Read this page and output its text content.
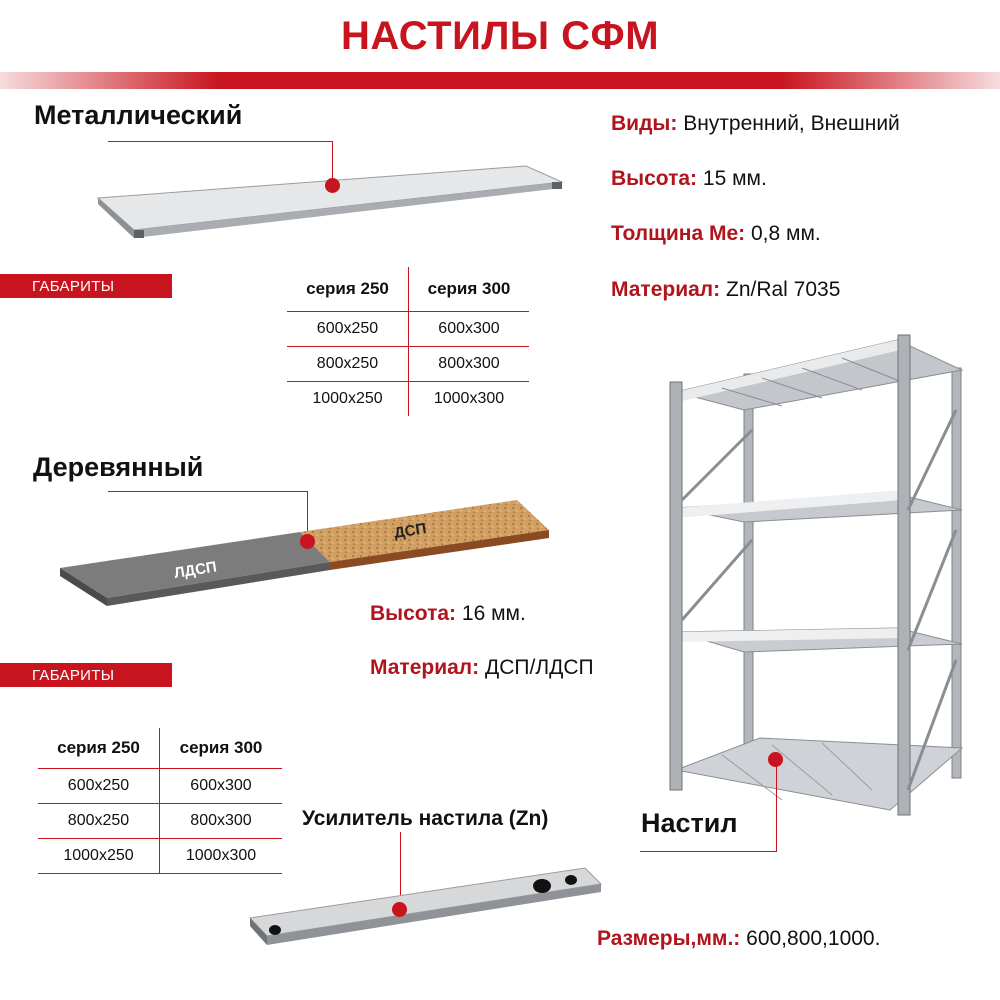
НАСТИЛЫ СФМ
Металлический
ГАБАРИТЫ	серия 250	серия 300
600x250	600x300
800x250	800x300
1000x250	1000x300
Виды: Внутренний, Внешний
Высота: 15 мм.
Толщина Ме: 0,8 мм.
Материал: Zn/Ral 7035
Деревянный
ЛДСП
ДСП
Высота: 16 мм.
Материал: ДСП/ЛДСП
ГАБАРИТЫ
серия 250	серия 300
600x250	600x300
800x250	800x300
1000x250	1000x300

Усилитель настила (Zn)	Настил
Размеры,мм.: 600,800,1000.
